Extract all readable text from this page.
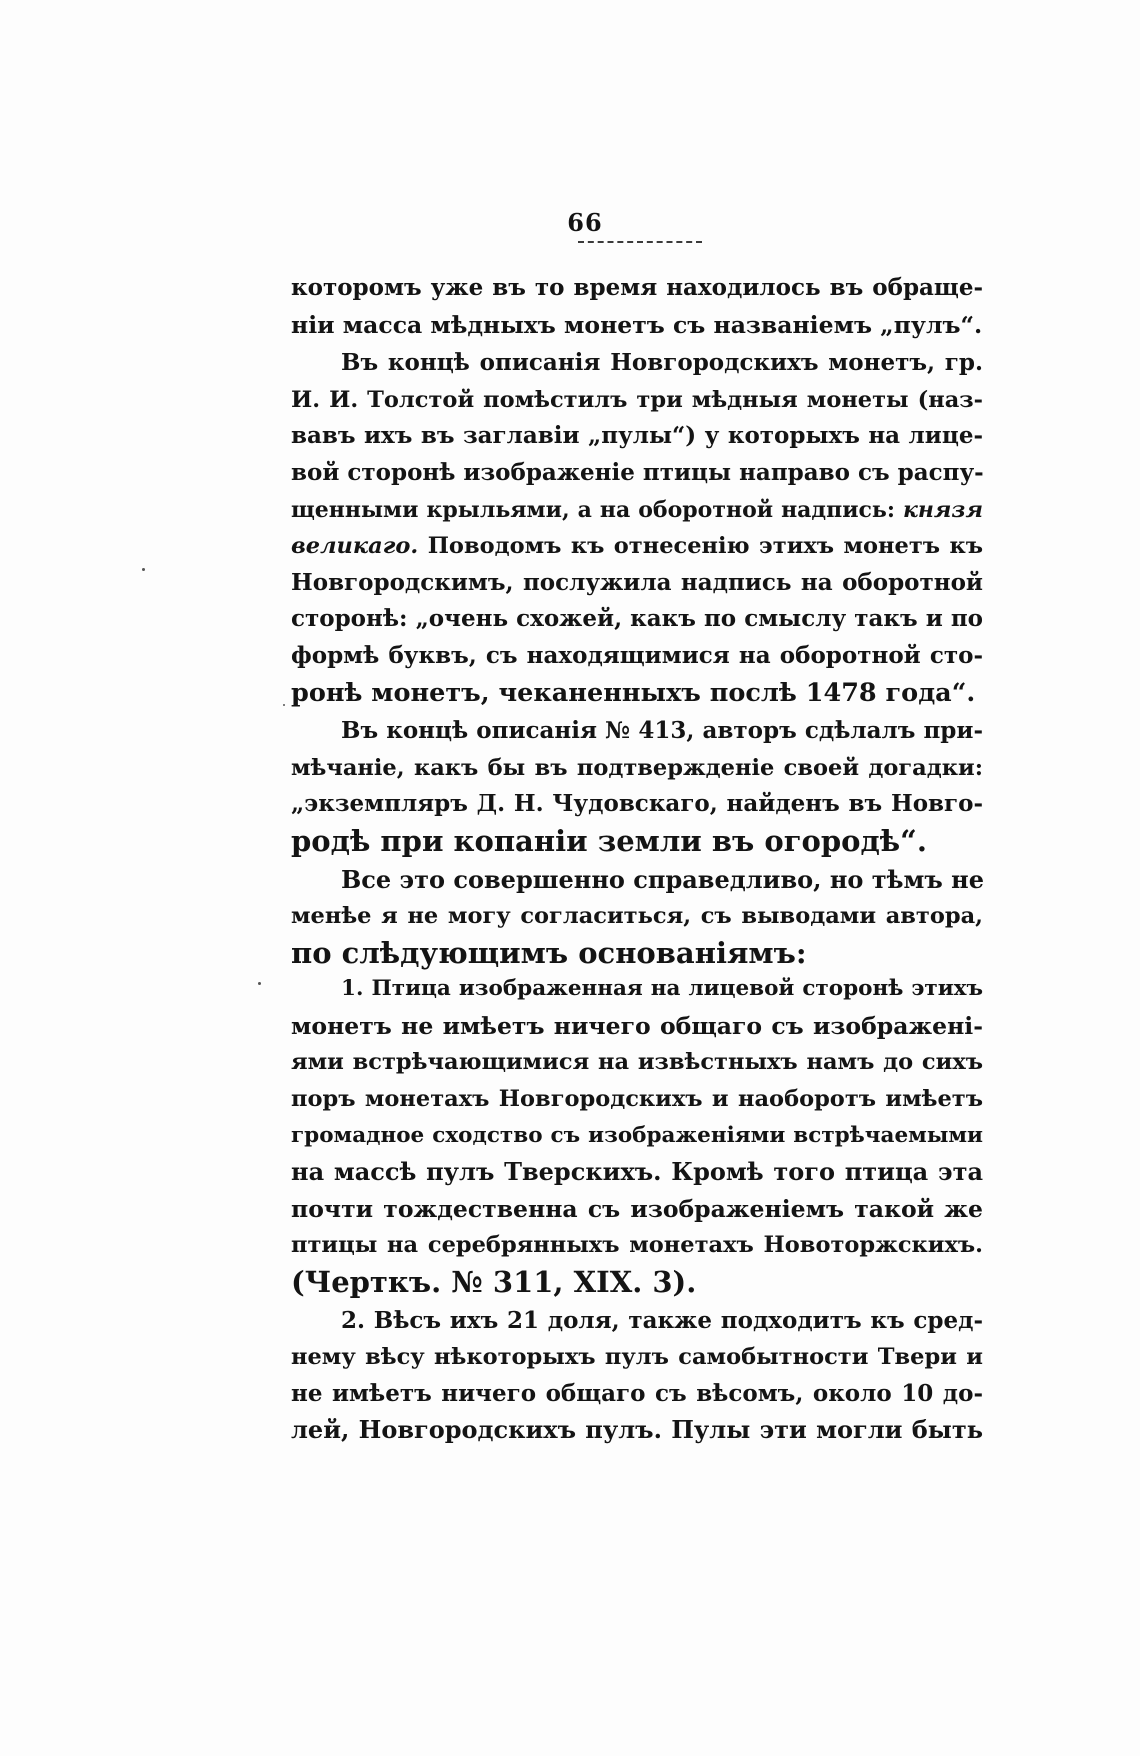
66
которомъ уже въ то время находилось въ обраще-
нiи масса мѣдныхъ монетъ съ названiемъ „пулъ“.
Въ концѣ описанiя Новгородскихъ монетъ, гр.
И. И. Толстой помѣстилъ три мѣдныя монеты (наз-
вавъ ихъ въ заглавiи „пулы“) у которыхъ на лице-
вой сторонѣ изображенiе птицы направо съ распу-
щенными крыльями, а на оборотной надпись: князя
великаго. Поводомъ къ отнесенiю этихъ монетъ къ
Новгородскимъ, послужила надпись на оборотной
сторонѣ: „очень схожей, какъ по смыслу такъ и по
формѣ буквъ, съ находящимися на оборотной сто-
ронѣ монетъ, чеканенныхъ послѣ 1478 года“.
Въ концѣ описанiя № 413, авторъ сдѣлалъ при-
мѣчанiе, какъ бы въ подтвержденiе своей догадки:
„экземпляръ Д. Н. Чудовскаго, найденъ въ Новго-
родѣ при копанiи земли въ огородѣ“.
Все это совершенно справедливо, но тѣмъ не
менѣе я не могу согласиться, съ выводами автора,
по слѣдующимъ основанiямъ:
1. Птица изображенная на лицевой сторонѣ этихъ
монетъ не имѣетъ ничего общаго съ изображенi-
ями встрѣчающимися на извѣстныхъ намъ до сихъ
поръ монетахъ Новгородскихъ и наоборотъ имѣетъ
громадное сходство съ изображенiями встрѣчаемыми
на массѣ пулъ Тверскихъ. Кромѣ того птица эта
почти тождественна съ изображенiемъ такой же
птицы на серебрянныхъ монетахъ Новоторжскихъ.
(Черткъ. № 311, XIX. 3).
2. Вѣсъ ихъ 21 доля, также подходитъ къ сред-
нему вѣсу нѣкоторыхъ пулъ самобытности Твери и
не имѣетъ ничего общаго съ вѣсомъ, около 10 до-
лей, Новгородскихъ пулъ. Пулы эти могли быть
